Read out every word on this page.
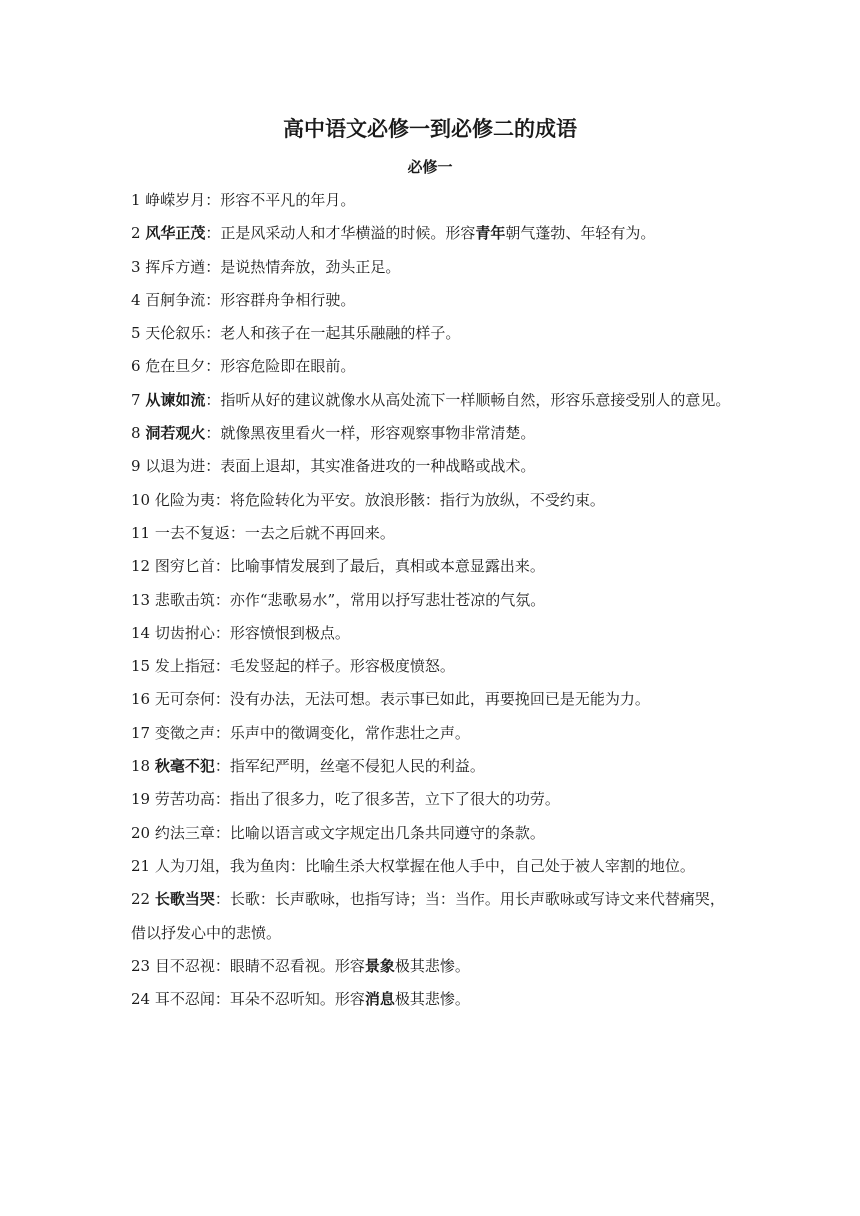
高中语文必修一到必修二的成语
必修一

1 峥嵘岁月：形容不平凡的年月。

2 风华正茂：正是风采动人和才华横溢的时候。形容青年朝气蓬勃、年轻有为。

3 挥斥方遒：是说热情奔放，劲头正足。

4 百舸争流：形容群舟争相行驶。

5 天伦叙乐：老人和孩子在一起其乐融融的样子。

6 危在旦夕：形容危险即在眼前。

7 从谏如流：指听从好的建议就像水从高处流下一样顺畅自然，形容乐意接受别人的意见。

8 洞若观火：就像黑夜里看火一样，形容观察事物非常清楚。

9 以退为进：表面上退却，其实准备进攻的一种战略或战术。

10 化险为夷：将危险转化为平安。放浪形骸：指行为放纵，不受约束。

11 一去不复返：一去之后就不再回来。

12 图穷匕首：比喻事情发展到了最后，真相或本意显露出来。

13 悲歌击筑：亦作“悲歌易水”，常用以抒写悲壮苍凉的气氛。

14 切齿拊心：形容愤恨到极点。

15 发上指冠：毛发竖起的样子。形容极度愤怒。

16 无可奈何：没有办法，无法可想。表示事已如此，再要挽回已是无能为力。

17 变徵之声：乐声中的徵调变化，常作悲壮之声。

18 秋毫不犯：指军纪严明，丝毫不侵犯人民的利益。

19 劳苦功高：指出了很多力，吃了很多苦，立下了很大的功劳。

20 约法三章：比喻以语言或文字规定出几条共同遵守的条款。

21 人为刀俎，我为鱼肉：比喻生杀大权掌握在他人手中，自己处于被人宰割的地位。

22 长歌当哭：长歌：长声歌咏，也指写诗；当：当作。用长声歌咏或写诗文来代替痛哭，借以抒发心中的悲愤。

23 目不忍视：眼睛不忍看视。形容景象极其悲惨。

24 耳不忍闻：耳朵不忍听知。形容消息极其悲惨。
